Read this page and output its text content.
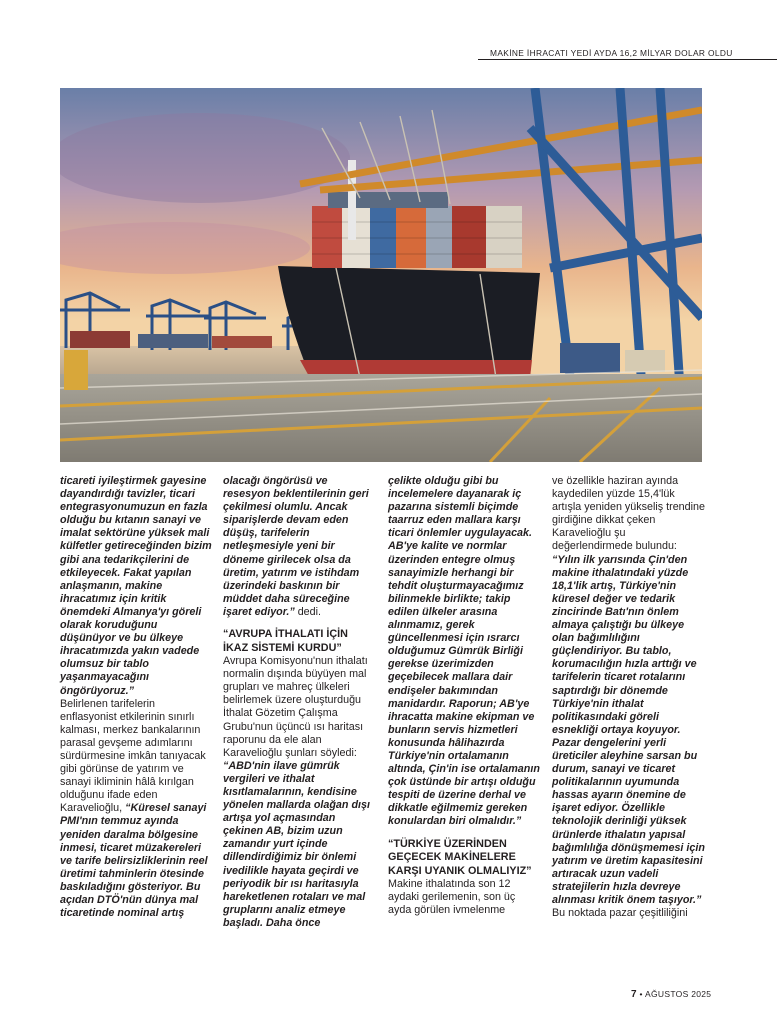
MAKİNE İHRACATI YEDİ AYDA 16,2 MİLYAR DOLAR OLDU

ticareti iyileştirmek gayesine dayandırdığı tavizler, ticari entegrasyonumuzun en fazla olduğu bu kıtanın sanayi ve imalat sektörüne yüksek mali külfetler getireceğinden bizim gibi ana tedarikçilerini de etkileyecek. Fakat yapılan anlaşmanın, makine ihracatımız için kritik önemdeki Almanya'yı göreli olarak koruduğunu düşünüyor ve bu ülkeye ihracatımızda yakın vadede olumsuz bir tablo yaşanmayacağını öngörüyoruz.”

Belirlenen tarifelerin enflasyonist etkilerinin sınırlı kalması, merkez bankalarının parasal gevşeme adımlarını sürdürmesine imkân tanıyacak gibi görünse de yatırım ve sanayi ikliminin hâlâ kırılgan olduğunu ifade eden Karavelioğlu, “Küresel sanayi PMI'nın temmuz ayında yeniden daralma bölgesine inmesi, ticaret müzakereleri ve tarife belirsizliklerinin reel üretimi tahminlerin ötesinde baskıladığını gösteriyor. Bu açıdan DTÖ'nün dünya mal ticaretinde nominal artış

olacağı öngörüsü ve resesyon beklentilerinin geri çekilmesi olumlu. Ancak siparişlerde devam eden düşüş, tarifelerin netleşmesiyle yeni bir döneme girilecek olsa da üretim, yatırım ve istihdam üzerindeki baskının bir müddet daha süreceğine işaret ediyor.” dedi.

“AVRUPA İTHALATI İÇİN İKAZ SİSTEMİ KURDU”

Avrupa Komisyonu'nun ithalatı normalin dışında büyüyen mal grupları ve mahreç ülkeleri belirlemek üzere oluşturduğu İthalat Gözetim Çalışma Grubu'nun üçüncü ısı haritası raporunu da ele alan Karavelioğlu şunları söyledi: “ABD'nin ilave gümrük vergileri ve ithalat kısıtlamalarının, kendisine yönelen mallarda olağan dışı artışa yol açmasından çekinen AB, bizim uzun zamandır yurt içinde dillendirdiğimiz bir önlemi ivedilikle hayata geçirdi ve periyodik bir ısı haritasıyla hareketlenen rotaları ve mal gruplarını analiz etmeye başladı. Daha önce

çelikte olduğu gibi bu incelemelere dayanarak iç pazarına sistemli biçimde taarruz eden mallara karşı ticari önlemler uygulayacak. AB'ye kalite ve normlar üzerinden entegre olmuş sanayimizle herhangi bir tehdit oluşturmayacağımız bilinmekle birlikte; takip edilen ülkeler arasına alınmamız, gerek güncellenmesi için ısrarcı olduğumuz Gümrük Birliği gerekse üzerimizden geçebilecek mallara dair endişeler bakımından manidardır. Raporun; AB'ye ihracatta makine ekipman ve bunların servis hizmetleri konusunda hâlihazırda Türkiye'nin ortalamanın altında, Çin'in ise ortalamanın çok üstünde bir artışı olduğu tespiti de üzerine derhal ve dikkatle eğilmemiz gereken konulardan biri olmalıdır.”

“TÜRKİYE ÜZERİNDEN GEÇECEK MAKİNELERE KARŞI UYANIK OLMALIYIZ”

Makine ithalatında son 12 aydaki gerilemenin, son üç ayda görülen ivmelenme

ve özellikle haziran ayında kaydedilen yüzde 15,4'lük artışla yeniden yükseliş trendine girdiğine dikkat çeken Karavelioğlu şu değerlendirmede bulundu: “Yılın ilk yarısında Çin'den makine ithalatındaki yüzde 18,1'lik artış, Türkiye'nin küresel değer ve tedarik zincirinde Batı'nın önlem almaya çalıştığı bu ülkeye olan bağımlılığını güçlendiriyor. Bu tablo, korumacılığın hızla arttığı ve tarifelerin ticaret rotalarını saptırdığı bir dönemde Türkiye'nin ithalat politikasındaki göreli esnekliği ortaya koyuyor. Pazar dengelerini yerli üreticiler aleyhine sarsan bu durum, sanayi ve ticaret politikalarının uyumunda hassas ayarın önemine de işaret ediyor. Özellikle teknolojik derinliği yüksek ürünlerde ithalatın yapısal bağımlılığa dönüşmemesi için yatırım ve üretim kapasitesini artıracak uzun vadeli stratejilerin hızla devreye alınması kritik önem taşıyor.”

Bu noktada pazar çeşitliliğini

7 • AĞUSTOS 2025
